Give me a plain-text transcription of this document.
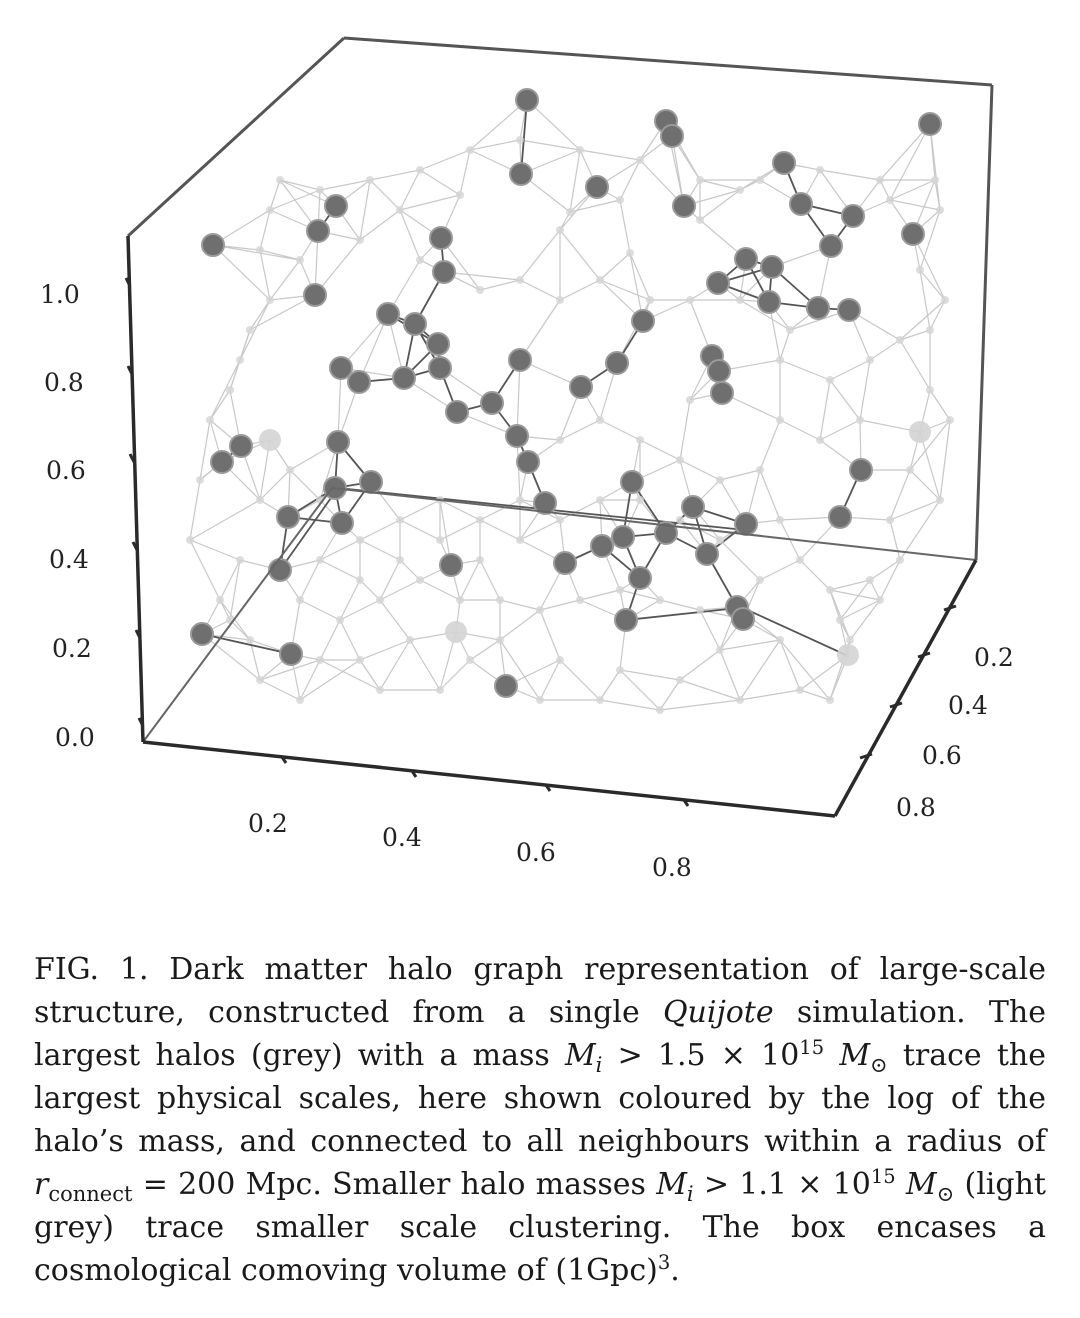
1.0
0.8
0.6
0.4
0.2
0.0
0.2	0.4
0.6
0.8
0.2
0.4
0.6
0.8
FIG. 1. Dark matter halo graph representation of large-scale structure, constructed from a single Quijote simulation. The largest halos (grey) with a mass $M_i > 1.5 \times 10^{15}$ $M_⊙$ trace the largest physical scales, here shown coloured by the log of the halo’s mass, and connected to all neighbours within a radius of $r_{connect} = 200$ Mpc. Smaller halo masses $M_i > 1.1 \times 10^{15}$ $M_⊙$ (light grey) trace smaller scale clustering. The box encases a cosmological comoving volume of $(1Gpc)^3$.
